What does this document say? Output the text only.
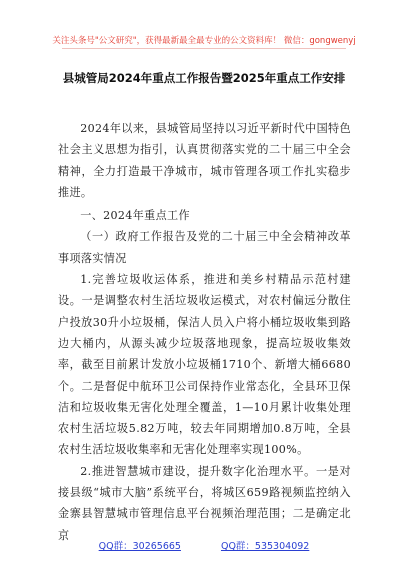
关注头条号"公文研究"，获得最新最全最专业的公文资料库！ 微信：gongwenyj
县城管局2024年重点工作报告暨2025年重点工作安排

2024年以来，县城管局坚持以习近平新时代中国特色社会主义思想为指引，认真贯彻落实党的二十届三中全会精神，全力打造最干净城市，城市管理各项工作扎实稳步推进。

一、2024年重点工作

（一）政府工作报告及党的二十届三中全会精神改革事项落实情况

1.完善垃圾收运体系，推进和美乡村精品示范村建设。一是调整农村生活垃圾收运模式，对农村偏远分散住户投放30升小垃圾桶，保洁人员入户将小桶垃圾收集到路边大桶内，从源头减少垃圾落地现象，提高垃圾收集效率，截至目前累计发放小垃圾桶1710个、新增大桶6680个。二是督促中航环卫公司保持作业常态化，全县环卫保洁和垃圾收集无害化处理全覆盖，1—10月累计收集处理农村生活垃圾5.82万吨，较去年同期增加0.8万吨，全县农村生活垃圾收集率和无害化处理率实现100%。

2.推进智慧城市建设，提升数字化治理水平。一是对接县级“城市大脑”系统平台，将城区659路视频监控纳入金寨县智慧城市管理信息平台视频治理范围；二是确定北京

QQ群：30265665	QQ群：535304092
